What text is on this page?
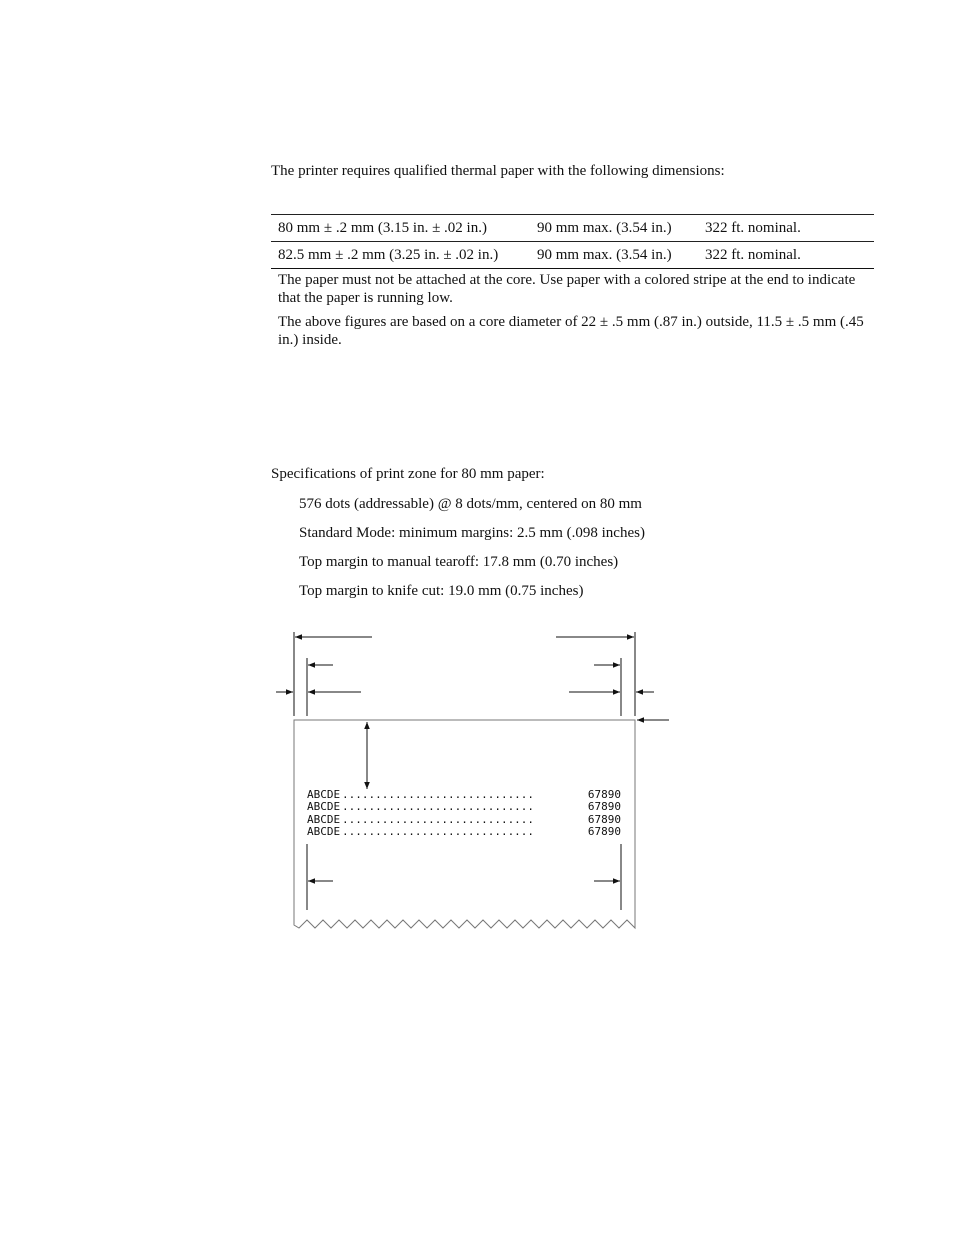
The printer requires qualified thermal paper with the following dimensions:
80 mm ± .2 mm (3.15 in. ± .02 in.)	90 mm max. (3.54 in.)	322 ft. nominal.
82.5 mm ± .2 mm (3.25 in. ± .02 in.)	90 mm max. (3.54 in.)	322 ft. nominal.
The paper must not be attached at the core. Use paper with a colored stripe at the end to indicate that the paper is running low.
The above figures are based on a core diameter of 22 ± .5 mm (.87 in.) outside, 11.5 ± .5 mm (.45 in.) inside.
Specifications of print zone for 80 mm paper:
576 dots (addressable) @ 8 dots/mm, centered on 80 mm
Standard Mode: minimum margins: 2.5 mm (.098 inches)
Top margin to manual tearoff: 17.8 mm (0.70 inches)
Top margin to knife cut: 19.0 mm (0.75 inches)
ABCDE .............................	67890
ABCDE .............................	67890
ABCDE .............................	67890
ABCDE .............................	67890
